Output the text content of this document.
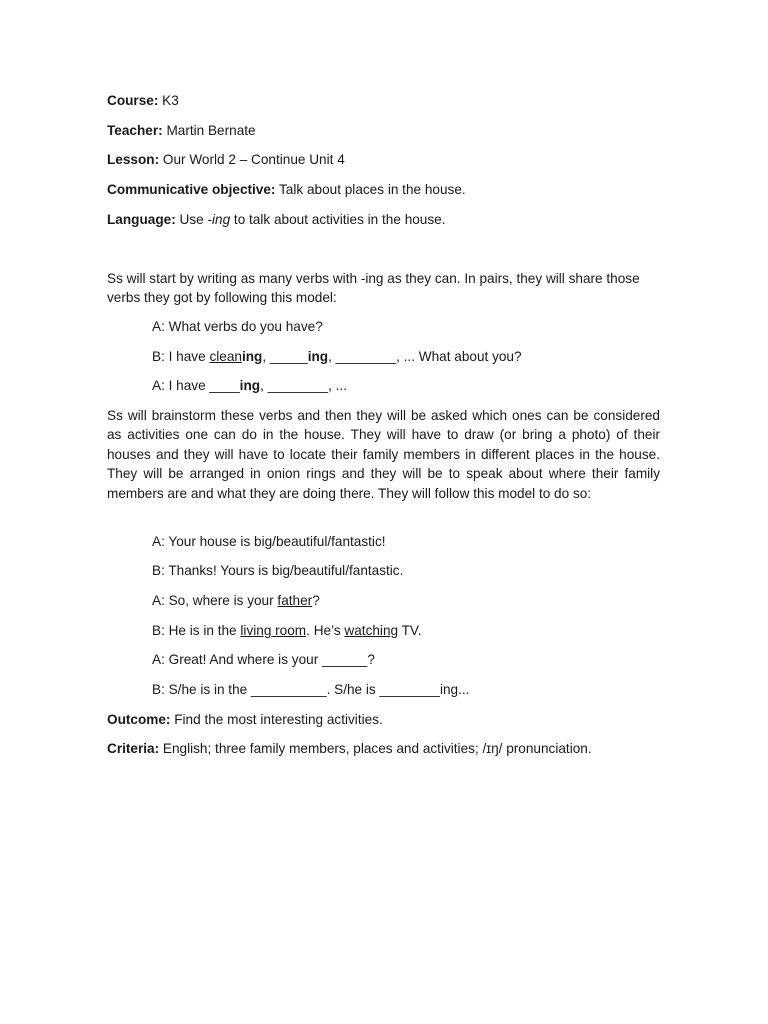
Course: K3
Teacher: Martin Bernate
Lesson: Our World 2 – Continue Unit 4
Communicative objective: Talk about places in the house.
Language: Use -ing to talk about activities in the house.
Ss will start by writing as many verbs with -ing as they can. In pairs, they will share those verbs they got by following this model:
A: What verbs do you have?
B: I have cleaning, _____ing, ________, ... What about you?
A: I have ____ing, ________, ...
Ss will brainstorm these verbs and then they will be asked which ones can be considered as activities one can do in the house. They will have to draw (or bring a photo) of their houses and they will have to locate their family members in different places in the house. They will be arranged in onion rings and they will be to speak about where their family members are and what they are doing there. They will follow this model to do so:
A: Your house is big/beautiful/fantastic!
B: Thanks! Yours is big/beautiful/fantastic.
A: So, where is your father?
B: He is in the living room. He’s watching TV.
A: Great! And where is your ______?
B: S/he is in the __________. S/he is ________ing...
Outcome: Find the most interesting activities.
Criteria: English; three family members, places and activities; /ɪŋ/ pronunciation.
